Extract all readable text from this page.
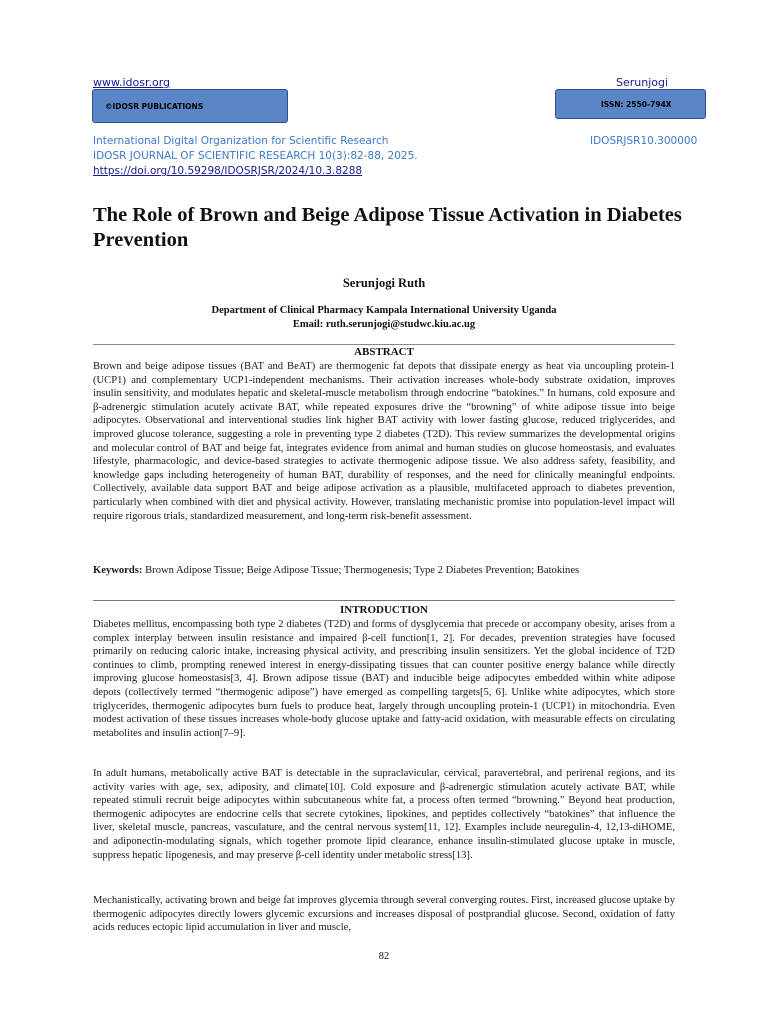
www.idosr.org	Serunjogi
©IDOSR PUBLICATIONS	ISSN: 2550-794X
International Digital Organization for Scientific Research	IDOSRJSR10.300000
IDOSR JOURNAL OF SCIENTIFIC RESEARCH 10(3):82-88, 2025.
https://doi.org/10.59298/IDOSRJSR/2024/10.3.8288
The Role of Brown and Beige Adipose Tissue Activation in Diabetes Prevention
Serunjogi Ruth
Department of Clinical Pharmacy Kampala International University Uganda
Email: ruth.serunjogi@studwc.kiu.ac.ug
ABSTRACT

Brown and beige adipose tissues (BAT and BeAT) are thermogenic fat depots that dissipate energy as heat via uncoupling protein-1 (UCP1) and complementary UCP1-independent mechanisms. Their activation increases whole-body substrate oxidation, improves insulin sensitivity, and modulates hepatic and skeletal-muscle metabolism through endocrine “batokines.” In humans, cold exposure and β-adrenergic stimulation acutely activate BAT, while repeated exposures drive the “browning” of white adipose tissue into beige adipocytes. Observational and interventional studies link higher BAT activity with lower fasting glucose, reduced triglycerides, and improved glucose tolerance, suggesting a role in preventing type 2 diabetes (T2D). This review summarizes the developmental origins and molecular control of BAT and beige fat, integrates evidence from animal and human studies on glucose homeostasis, and evaluates lifestyle, pharmacologic, and device-based strategies to activate thermogenic adipose tissue. We also address safety, feasibility, and knowledge gaps including heterogeneity of human BAT, durability of responses, and the need for clinically meaningful endpoints. Collectively, available data support BAT and beige adipose activation as a plausible, multifaceted approach to diabetes prevention, particularly when combined with diet and physical activity. However, translating mechanistic promise into population-level impact will require rigorous trials, standardized measurement, and long-term risk-benefit assessment.

Keywords: Brown Adipose Tissue; Beige Adipose Tissue; Thermogenesis; Type 2 Diabetes Prevention; Batokines

INTRODUCTION

Diabetes mellitus, encompassing both type 2 diabetes (T2D) and forms of dysglycemia that precede or accompany obesity, arises from a complex interplay between insulin resistance and impaired β-cell function[1, 2]. For decades, prevention strategies have focused primarily on reducing caloric intake, increasing physical activity, and prescribing insulin sensitizers. Yet the global incidence of T2D continues to climb, prompting renewed interest in energy-dissipating tissues that can counter positive energy balance while directly improving glucose homeostasis[3, 4]. Brown adipose tissue (BAT) and inducible beige adipocytes embedded within white adipose depots (collectively termed “thermogenic adipose”) have emerged as compelling targets[5, 6]. Unlike white adipocytes, which store triglycerides, thermogenic adipocytes burn fuels to produce heat, largely through uncoupling protein-1 (UCP1) in mitochondria. Even modest activation of these tissues increases whole-body glucose uptake and fatty-acid oxidation, with measurable effects on circulating metabolites and insulin action[7–9].

In adult humans, metabolically active BAT is detectable in the supraclavicular, cervical, paravertebral, and perirenal regions, and its activity varies with age, sex, adiposity, and climate[10]. Cold exposure and β-adrenergic stimulation acutely activate BAT, while repeated stimuli recruit beige adipocytes within subcutaneous white fat, a process often termed “browning.” Beyond heat production, thermogenic adipocytes are endocrine cells that secrete cytokines, lipokines, and peptides collectively “batokines” that influence the liver, skeletal muscle, pancreas, vasculature, and the central nervous system[11, 12]. Examples include neuregulin-4, 12,13-diHOME, and adiponectin-modulating signals, which together promote lipid clearance, enhance insulin-stimulated glucose uptake in muscle, suppress hepatic lipogenesis, and may preserve β-cell identity under metabolic stress[13].

Mechanistically, activating brown and beige fat improves glycemia through several converging routes. First, increased glucose uptake by thermogenic adipocytes directly lowers glycemic excursions and increases disposal of postprandial glucose. Second, oxidation of fatty acids reduces ectopic lipid accumulation in liver and muscle,

82
